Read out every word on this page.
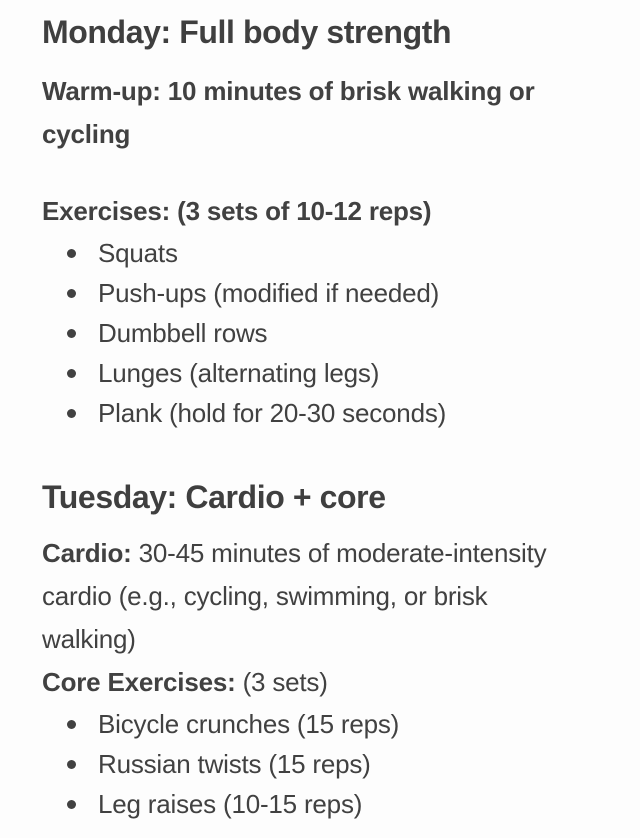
Monday: Full body strength

Warm-up: 10 minutes of brisk walking or cycling

Exercises: (3 sets of 10-12 reps)

Squats
Push-ups (modified if needed)
Dumbbell rows
Lunges (alternating legs)
Plank (hold for 20-30 seconds)
Tuesday: Cardio + core

Cardio: 30-45 minutes of moderate-intensity cardio (e.g., cycling, swimming, or brisk walking)

Core Exercises: (3 sets)

Bicycle crunches (15 reps)
Russian twists (15 reps)
Leg raises (10-15 reps)
